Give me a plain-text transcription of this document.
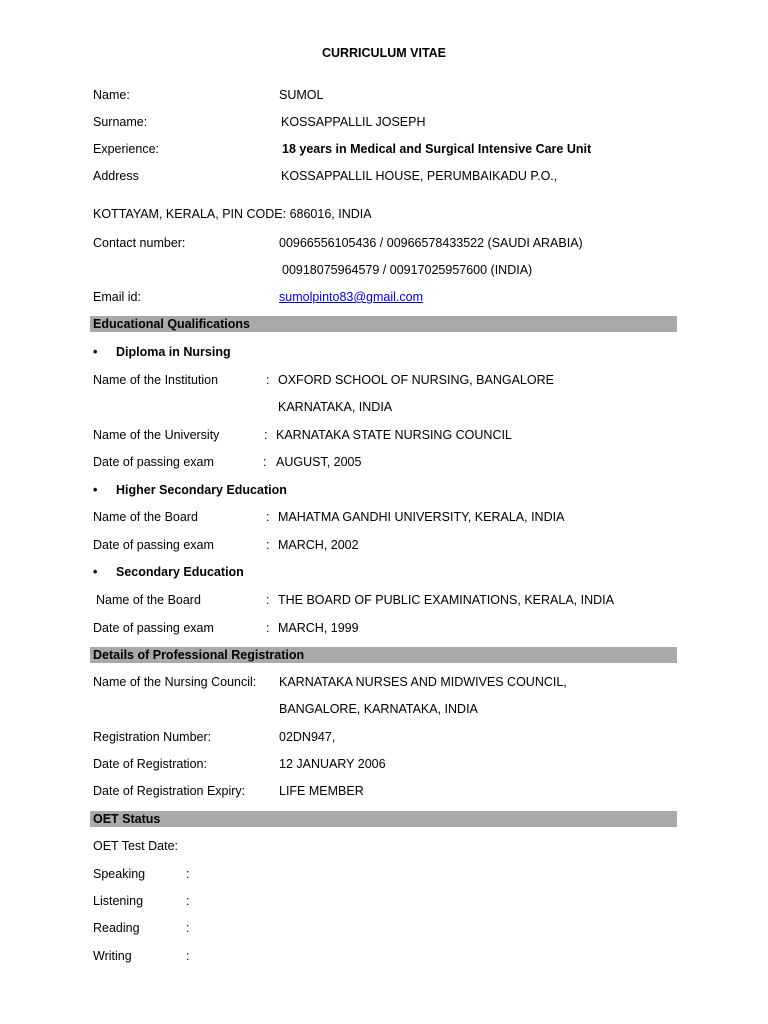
CURRICULUM VITAE
Name:	SUMOL
Surname:	KOSSAPPALLIL JOSEPH
Experience:	18 years in Medical and Surgical Intensive Care Unit
Address	KOSSAPPALLIL HOUSE, PERUMBAIKADU P.O.,
KOTTAYAM, KERALA, PIN CODE: 686016, INDIA
Contact number:	00966556105436 / 00966578433522 (SAUDI ARABIA)
00918075964579 / 00917025957600 (INDIA)
Email id:	sumolpinto83@gmail.com
Educational Qualifications
• Diploma in Nursing
Name of the Institution	: OXFORD SCHOOL OF NURSING, BANGALORE
KARNATAKA, INDIA
Name of the University	: KARNATAKA STATE NURSING COUNCIL
Date of passing exam	: AUGUST, 2005
• Higher Secondary Education
Name of the Board	: MAHATMA GANDHI UNIVERSITY, KERALA, INDIA
Date of passing exam	: MARCH, 2002
• Secondary Education
Name of the Board	: THE BOARD OF PUBLIC EXAMINATIONS, KERALA, INDIA
Date of passing exam	: MARCH, 1999
Details of Professional Registration
Name of the Nursing Council: KARNATAKA NURSES AND MIDWIVES COUNCIL,
BANGALORE, KARNATAKA, INDIA
Registration Number:	02DN947,
Date of Registration:	12 JANUARY 2006
Date of Registration Expiry:	LIFE MEMBER
OET Status
OET Test Date:
Speaking	:
Listening	:
Reading	:
Writing	:
